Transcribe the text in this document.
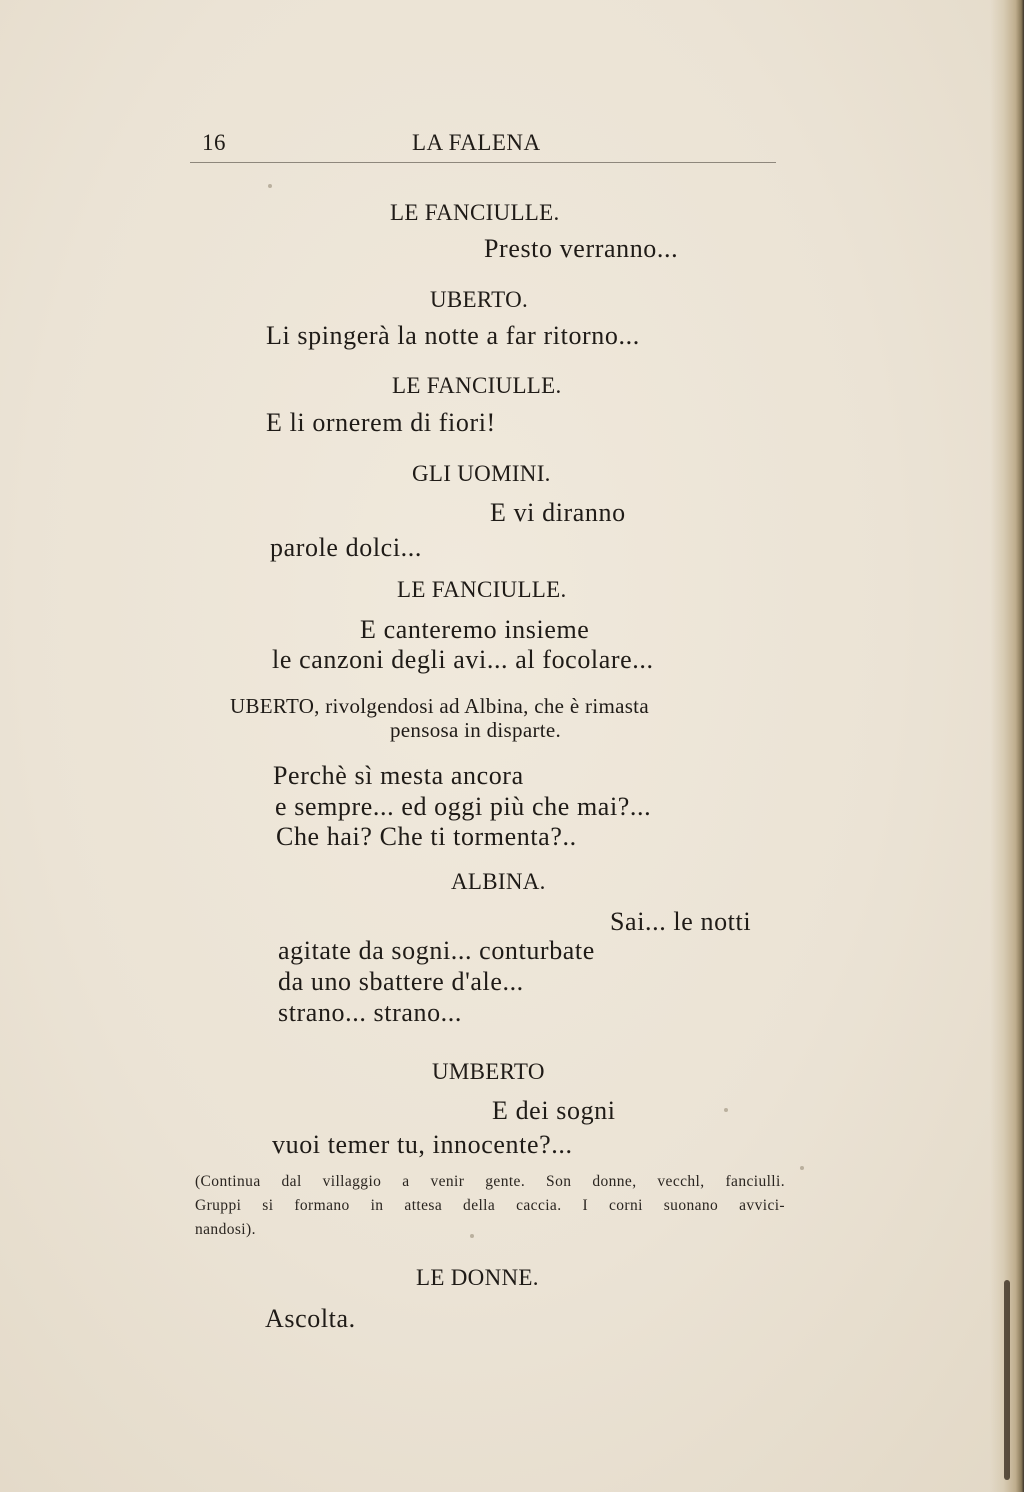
16	LA FALENA
LE FANCIULLE.
Presto verranno...
UBERTO.
Li spingerà la notte a far ritorno...
LE FANCIULLE.
E li ornerem di fiori!
GLI UOMINI.
E vi diranno
parole dolci...
LE FANCIULLE.
E canteremo insieme
le canzoni degli avi... al focolare...
UBERTO, rivolgendosi ad Albina, che è rimasta
pensosa in disparte.
Perchè sì mesta ancora
e sempre... ed oggi più che mai?...
Che hai? Che ti tormenta?..
ALBINA.
Sai... le notti
agitate da sogni... conturbate
da uno sbattere d'ale...
strano... strano...
UMBERTO
E dei sogni
vuoi temer tu, innocente?...
(Continua dal villaggio a venir gente. Son donne, vecchl, fanciulli.
Gruppi si formano in attesa della caccia. I corni suonano avvici-
nandosi).
LE DONNE.
Ascolta.
